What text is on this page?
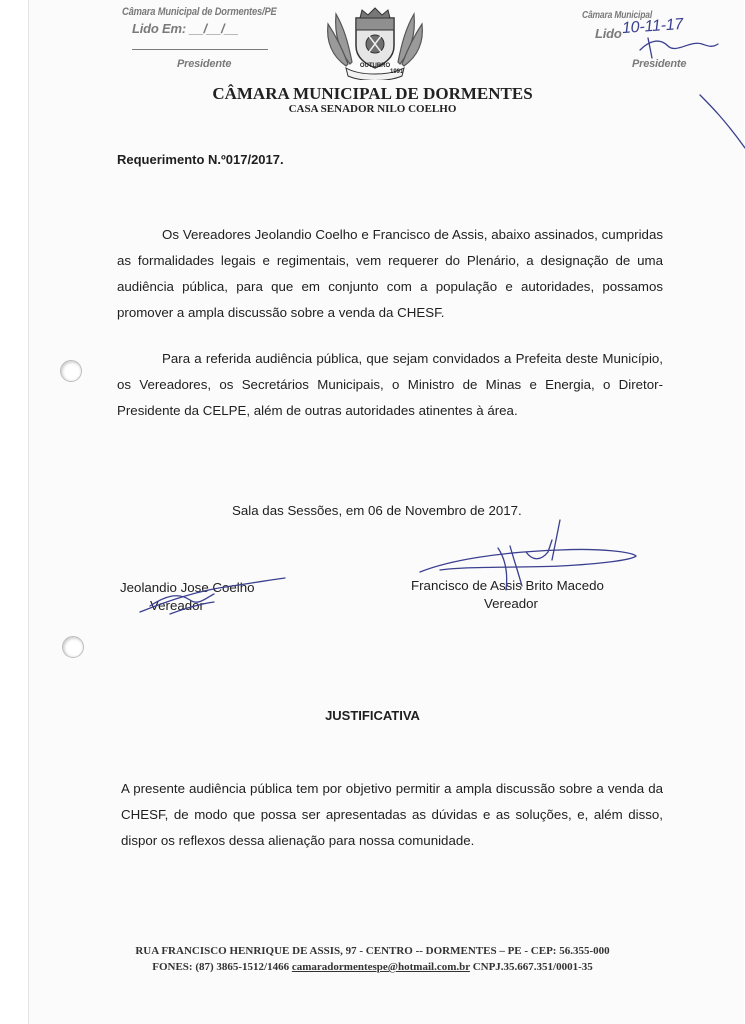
Câmara Municipal de Dormentes/PE
Lido Em: __/__/__
Presidente
Câmara Municipal
Lido 10-11-17
Presidente
OUTUBRO
1991
CÂMARA MUNICIPAL DE DORMENTES
CASA SENADOR NILO COELHO
Requerimento N.º017/2017.
Os Vereadores Jeolandio Coelho e Francisco de Assis, abaixo assinados, cumpridas as formalidades legais e regimentais, vem requerer do Plenário, a designação de uma audiência pública, para que em conjunto com a população e autoridades, possamos promover a ampla discussão sobre a venda da CHESF.
Para a referida audiência pública, que sejam convidados a Prefeita deste Município, os Vereadores, os Secretários Municipais, o Ministro de Minas e Energia, o Diretor-Presidente da CELPE, além de outras autoridades atinentes à área.
Sala das Sessões, em 06 de Novembro de 2017.
Jeolandio Jose Coelho
Vereador
Francisco de Assis Brito Macedo
Vereador
JUSTIFICATIVA
A presente audiência pública tem por objetivo permitir a ampla discussão sobre a venda da CHESF, de modo que possa ser apresentadas as dúvidas e as soluções, e, além disso, dispor os reflexos dessa alienação para nossa comunidade.
RUA FRANCISCO HENRIQUE DE ASSIS, 97 - CENTRO -- DORMENTES – PE - CEP: 56.355-000
FONES: (87) 3865-1512/1466 camaradormentespe@hotmail.com.br CNPJ.35.667.351/0001-35
